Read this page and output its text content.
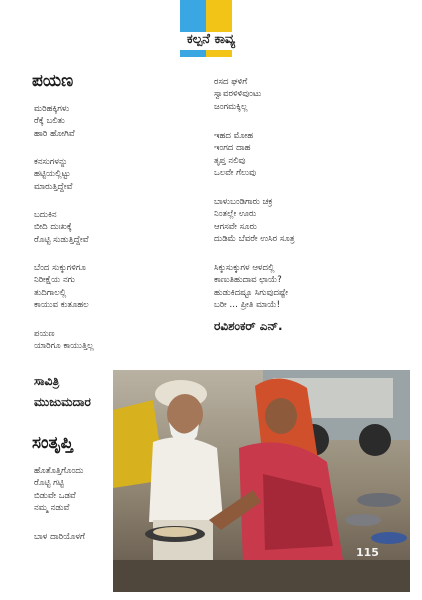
ಕಲ್ಪನೆ ಕಾವ್ಯ
ಪಯಣ
ಮರಿಹಕ್ಕಿಗಳು
ರೆಕ್ಕೆ ಬಲಿತು
ಹಾರಿ ಹೋಗಿವೆ
ಕನಸುಗಳನ್ನು
ಹಟ್ಟಿಯಲ್ಲಿಟ್ಟು
ಮಾರುತ್ತಿದ್ದೇವೆ
ಬದುಕಿನ
ಬೀದಿ ದುಃಖಕ್ಕೆ
ರೊಟ್ಟಿ ಸುಡುತ್ತಿದ್ದೇವೆ
ಬೆಂದ ಸುಕ್ಕುಗಳಿಗೂ
ನಿರೀಕ್ಷೆಯ ನಗು
ತುದಿಗಾಲಲ್ಲಿ
ಕಾಯುವ ಕುತೂಹಲ
ಪಯಣ
ಯಾರಿಗೂ ಕಾಯುತ್ತಿಲ್ಲ
ಸಾವಿತ್ರಿ
ಮುಜುಮದಾರ
ರಸದ ಘಳಿಗೆ
ಸ್ವಾವರಳಿಳಿವುಂಟು
ಜಂಗಮಕ್ಕಿಲ್ಲ
ಇಹದ ಮೋಹ
ಇಂಗದ ದಾಹ
ತೃಪ್ತ ನಲಿವು
ಒಲವೇ ಗೆಲುವು
ಬಾಳುಬಂಡಿಗಾರು ಚಕ್ರ
ನಿಂತಲ್ಲೇ ಊರು
ಆಗಸವೇ ಸೂರು
ದುಡಿಮೆ ಬೆವರೇ ಉಸಿರ ಸೂತ್ರ
ಸಿಕ್ಕುಸುಕ್ಕುಗಳ ಆಳದಲ್ಲಿ
ಕಾಣುತಿಹುದಾವ ಛಾಯೆ?
ಹುಡುಕಿದಷ್ಟೂ ಸಿಗುವುದಷ್ಟೇ
ಬರೀ … ಪ್ರೀತಿ ಮಾಯೆ!
ರವಿಶಂಕರ್ ಎನ್.
ಸಂತೃಪ್ತಿ
ಹೊತೊತ್ತಿಗೊಂದು
ರೊಟ್ಟಿ ಗಟ್ಟಿ
ಬಿಡುವೇ ಒಡವೆ
ನಮ್ಮ ನಡುವೆ
ಬಾಳ ದಾರಿಯೊಳಗೆ
115
